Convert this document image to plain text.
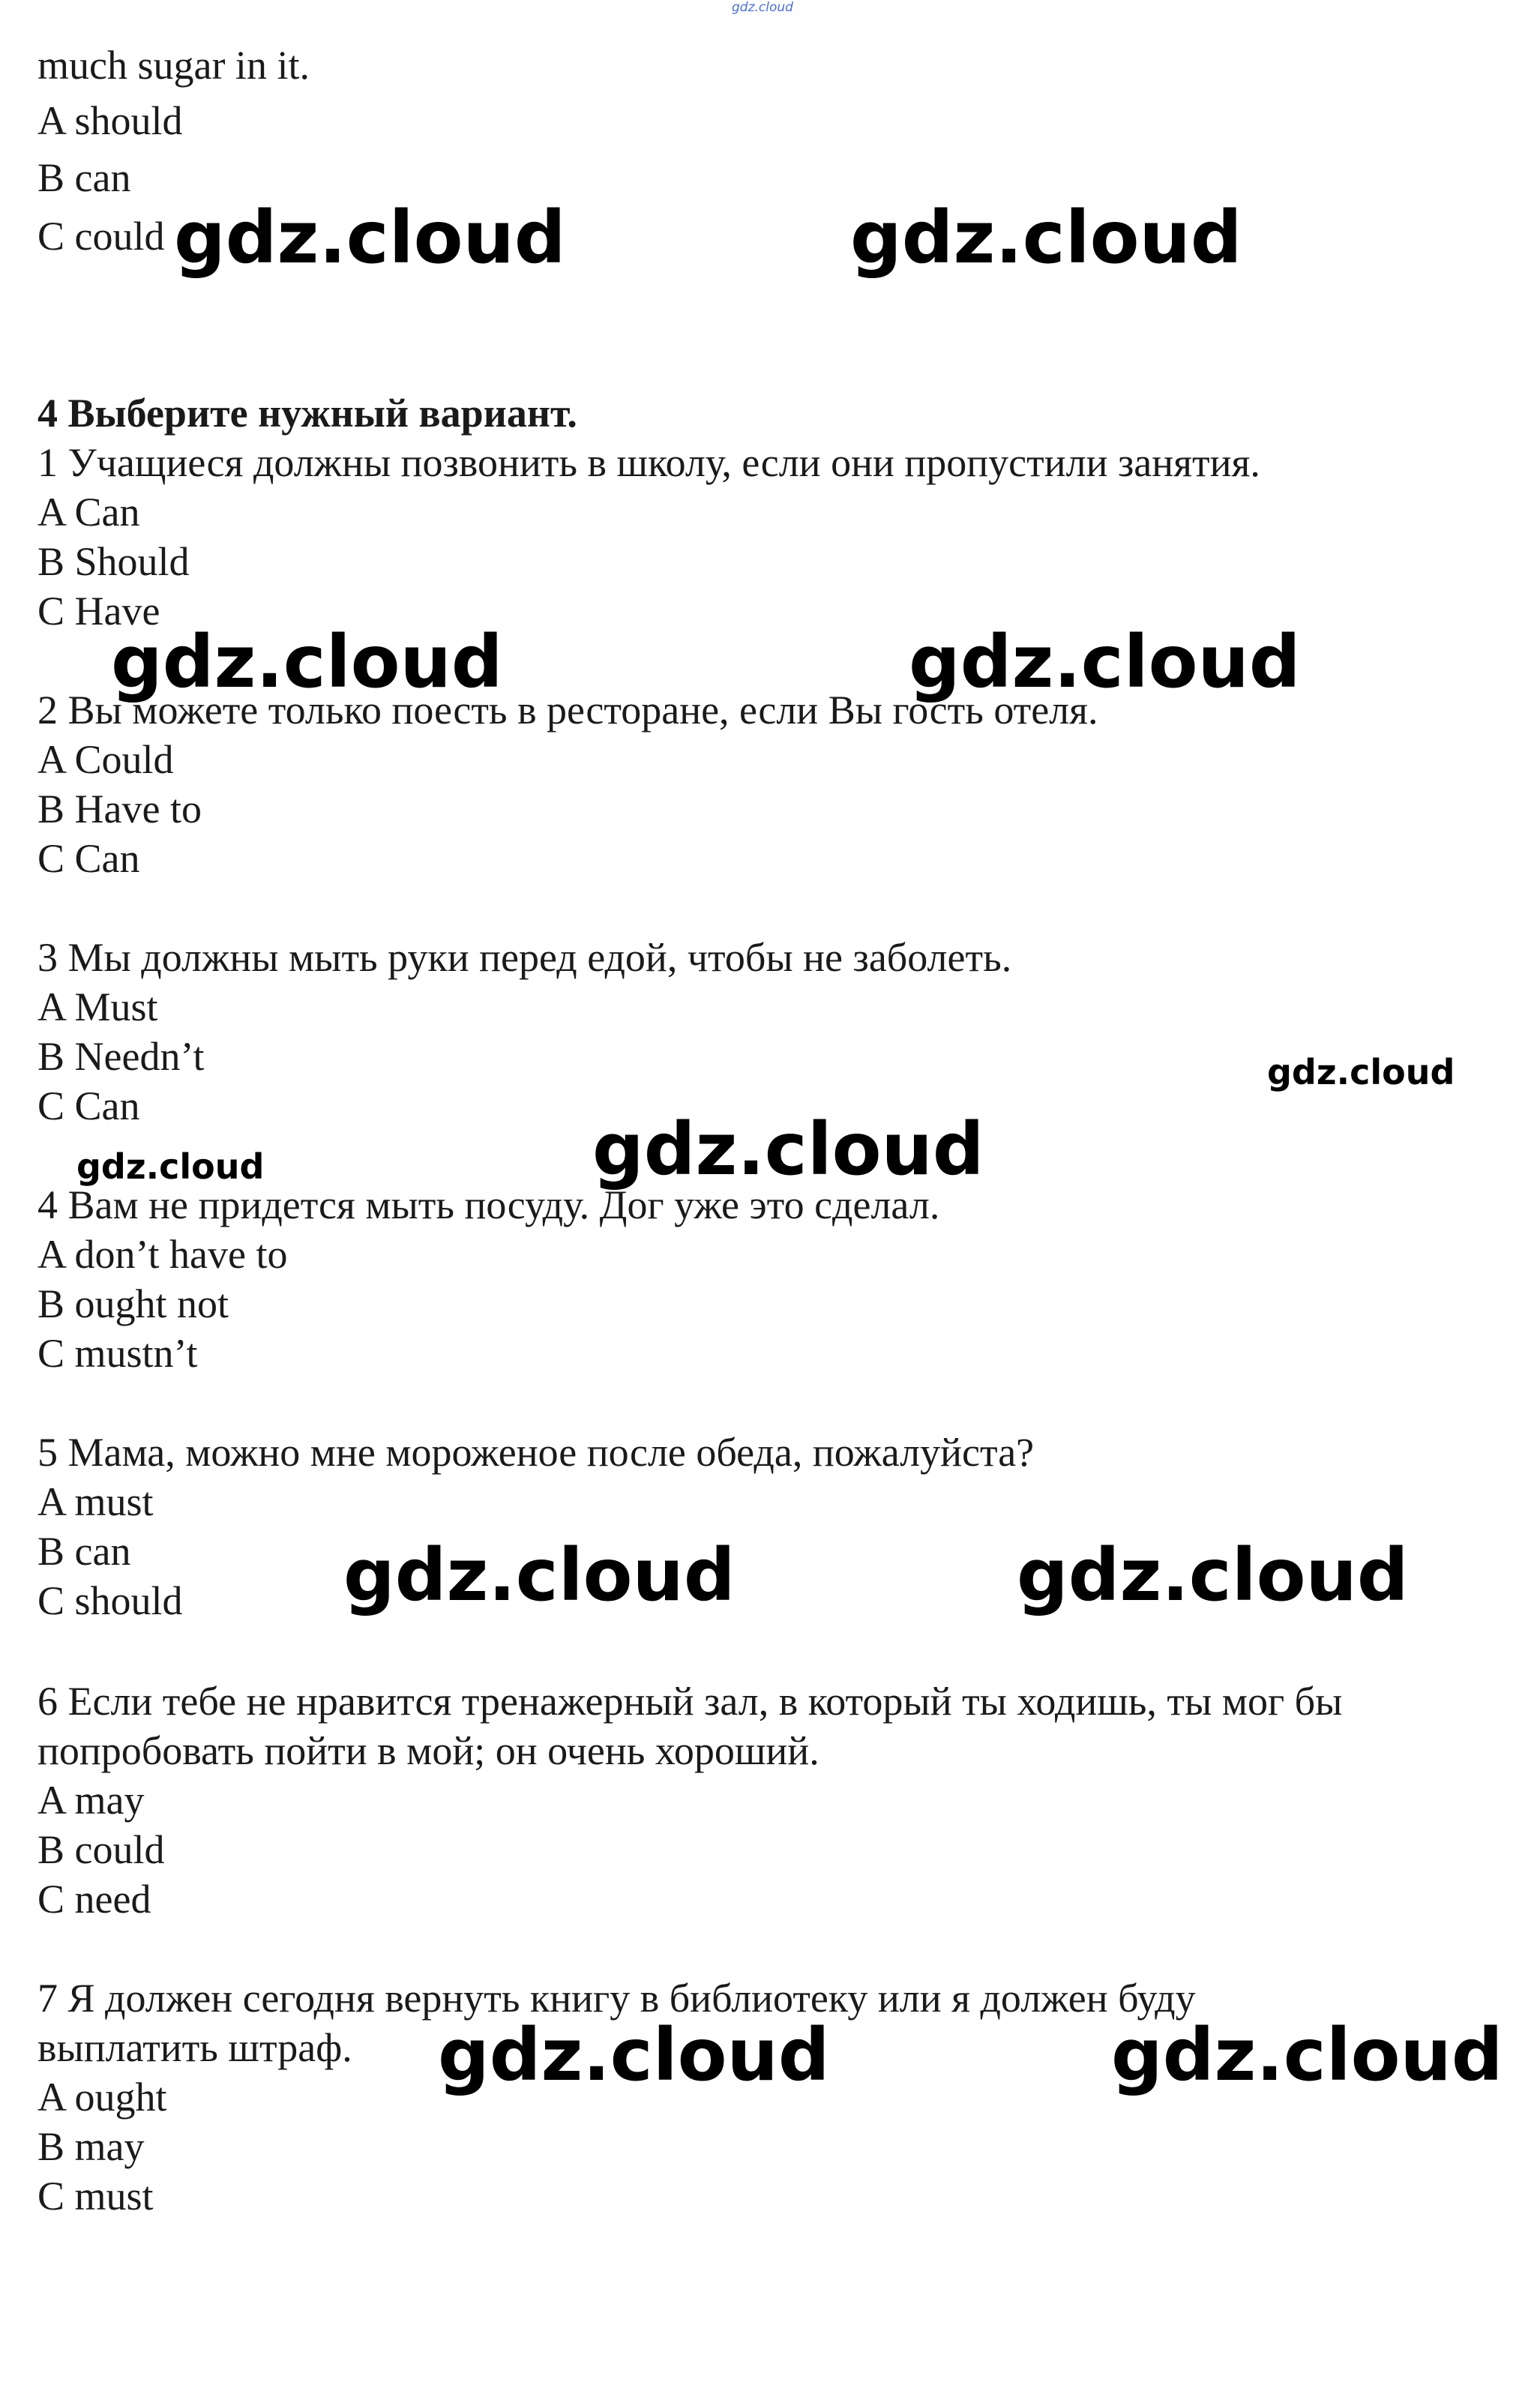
gdz.cloud
much sugar in it.
A should
B can
C could
4 Выберите нужный вариант.
1 Учащиеся должны позвонить в школу, если они пропустили занятия.
A Can
B Should
C Have
2 Вы можете только поесть в ресторане, если Вы гость отеля.
A Could
B Have to
C Can
3 Мы должны мыть руки перед едой, чтобы не заболеть.
A Must
B Needn’t
C Can
4 Вам не придется мыть посуду. Дог уже это сделал.
A don’t have to
B ought not
C mustn’t
5 Мама, можно мне мороженое после обеда, пожалуйста?
A must
B can
C should
6 Если тебе не нравится тренажерный зал, в который ты ходишь, ты мог бы
попробовать пойти в мой; он очень хороший.
A may
B could
C need
7 Я должен сегодня вернуть книгу в библиотеку или я должен буду
выплатить штраф.
A ought
B may
C must
gdz.cloud	gdz.cloud
gdz.cloud	gdz.cloud
gdz.cloud
gdz.cloud	gdz.cloud
gdz.cloud	gdz.cloud
gdz.cloud	gdz.cloud
